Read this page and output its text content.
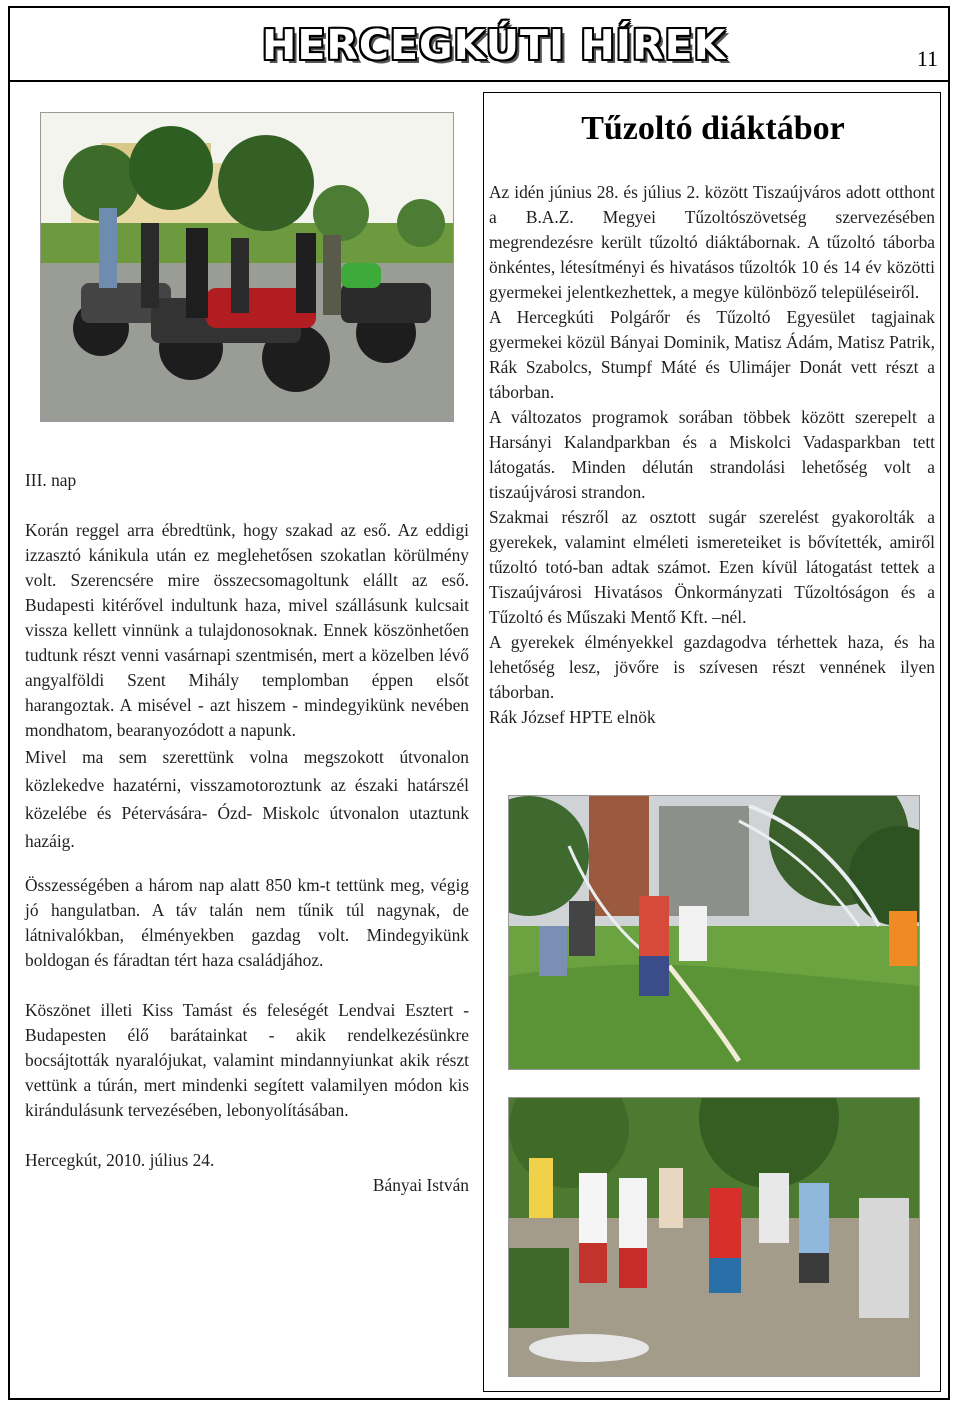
HERCEGKÚTI HÍREK	11

III. nap

Korán reggel arra ébredtünk, hogy szakad az eső. Az eddigi izzasztó kánikula után ez meglehetősen szokatlan körülmény volt. Szerencsére mire összecsomagoltunk elállt az eső. Budapesti kitérővel indultunk haza, mivel szállásunk kulcsait vissza kellett vinnünk a tulajdonosoknak. Ennek köszönhetően tudtunk részt venni vasárnapi szentmisén, mert a közelben lévő angyalföldi Szent Mihály templomban éppen elsőt harangoztak. A misével - azt hiszem - mindegyikünk nevében mondhatom, bearanyozódott a napunk.

Mivel ma sem szerettünk volna megszokott útvonalon közlekedve hazatérni, visszamotoroztunk az északi határszél közelébe és Pétervására- Ózd- Miskolc útvonalon utaztunk hazáig.

Összességében a három nap alatt 850 km-t tettünk meg, végig jó hangulatban. A táv talán nem tűnik túl nagynak, de látnivalókban, élményekben gazdag volt. Mindegyikünk boldogan és fáradtan tért haza családjához.

Köszönet illeti Kiss Tamást és feleségét Lendvai Esztert - Budapesten élő barátainkat - akik rendelkezésünkre bocsájtották nyaralójukat, valamint mindannyiunkat akik részt vettünk a túrán, mert mindenki segített valamilyen módon kis kirándulásunk tervezésében, lebonyolításában.

Hercegkút, 2010. július 24.

Bányai István

Tűzoltó diáktábor

Az idén június 28. és július 2. között Tiszaújváros adott otthont a B.A.Z. Megyei Tűzoltószövetség szervezésében megrendezésre került tűzoltó diáktábornak. A tűzoltó táborba önkéntes, létesítményi és hivatásos tűzoltók 10 és 14 év közötti gyermekei jelentkezhettek, a megye különböző településeiről.

A Hercegkúti Polgárőr és Tűzoltó Egyesület tagjainak gyermekei közül Bányai Dominik, Matisz Ádám, Matisz Patrik, Rák Szabolcs, Stumpf Máté és Ulimájer Donát vett részt a táborban.

A változatos programok sorában többek között szerepelt a Harsányi Kalandparkban és a Miskolci Vadasparkban tett látogatás. Minden délután strandolási lehetőség volt a tiszaújvárosi strandon.

Szakmai részről az osztott sugár szerelést gyakorolták a gyerekek, valamint elméleti ismereteiket is bővítették, amiről tűzoltó totó-ban adtak számot. Ezen kívül látogatást tettek a Tiszaújvárosi Hivatásos Önkormányzati Tűzoltóságon és a Tűzoltó és Műszaki Mentő Kft. –nél.

A gyerekek élményekkel gazdagodva térhettek haza, és ha lehetőség lesz, jövőre is szívesen részt vennének ilyen táborban.

Rák József HPTE elnök
